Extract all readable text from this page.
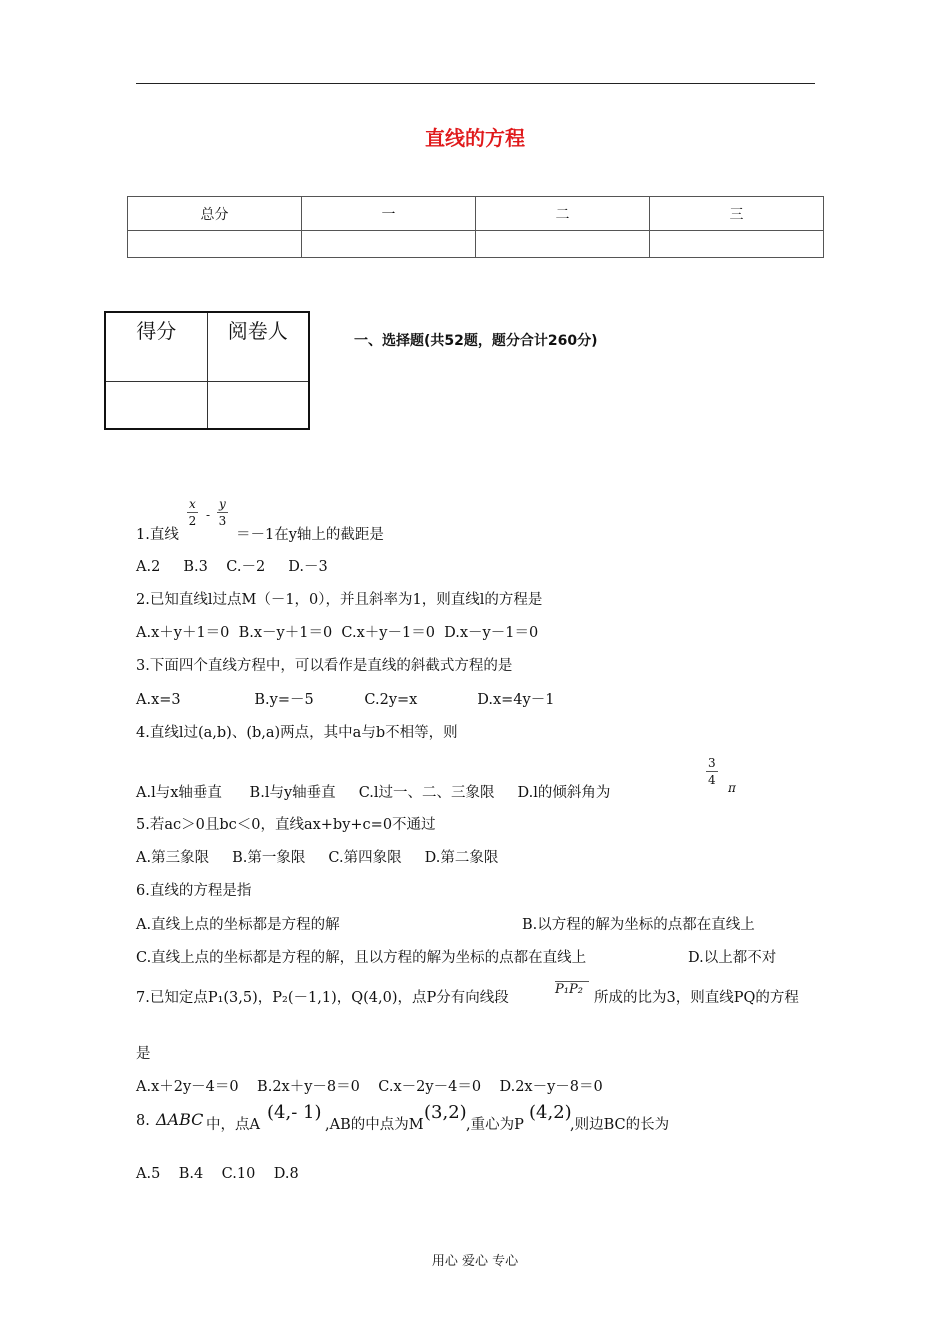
直线的方程
总分	一	二	三

得分	阅卷人
		一、选择题(共52题，题分合计260分)
$\frac{x}{2} - \frac{y}{3}$
1.直线	＝－1在y轴上的截距是
A.2     B.3    C.－2     D.－3
2.已知直线l过点M（－1，0），并且斜率为1，则直线l的方程是
A.x＋y＋1＝0  B.x－y＋1＝0  C.x＋y－1＝0  D.x－y－1＝0
3.下面四个直线方程中，可以看作是直线的斜截式方程的是
A.x=3                B.y=－5           C.2y=x             D.x=4y－1
4.直线l过(a,b)、(b,a)两点，其中a与b不相等，则
$\frac{3}{4}$ π
A.l与x轴垂直      B.l与y轴垂直     C.l过一、二、三象限     D.l的倾斜角为
5.若ac＞0且bc＜0，直线ax+by+c=0不通过
A.第三象限     B.第一象限     C.第四象限     D.第二象限
6.直线的方程是指
A.直线上点的坐标都是方程的解	B.以方程的解为坐标的点都在直线上
C.直线上点的坐标都是方程的解，且以方程的解为坐标的点都在直线上	D.以上都不对
7.已知定点P₁(3,5)，P₂(－1,1)，Q(4,0)，点P分有向线段
P₁P₂
所成的比为3，则直线PQ的方程
是
A.x＋2y－4＝0    B.2x＋y－8＝0    C.x－2y－4＝0    D.2x－y－8＝0
8. ΔABC 中，点A
(4,- 1)
,AB的中点为M
(3,2)
,重心为P
(4,2)
,则边BC的长为
A.5    B.4    C.10    D.8
用心 爱心 专心
